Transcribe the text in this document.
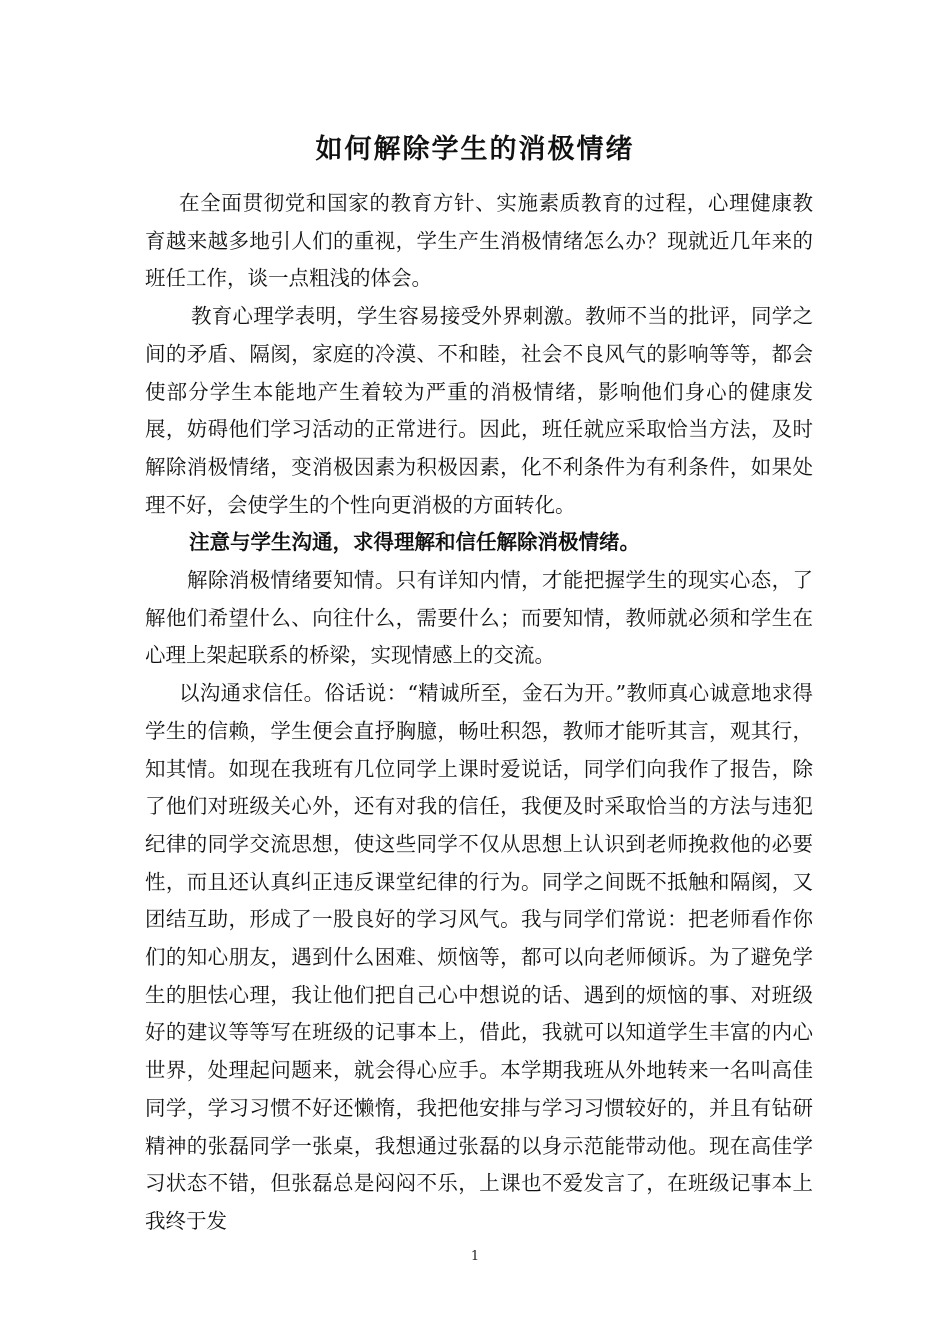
如何解除学生的消极情绪

在全面贯彻党和国家的教育方针、实施素质教育的过程，心理健康教育越来越多地引人们的重视，学生产生消极情绪怎么办？现就近几年来的班任工作，谈一点粗浅的体会。

教育心理学表明，学生容易接受外界刺激。教师不当的批评，同学之间的矛盾、隔阂，家庭的冷漠、不和睦，社会不良风气的影响等等，都会使部分学生本能地产生着较为严重的消极情绪，影响他们身心的健康发展，妨碍他们学习活动的正常进行。因此，班任就应采取恰当方法，及时解除消极情绪，变消极因素为积极因素，化不利条件为有利条件，如果处理不好，会使学生的个性向更消极的方面转化。

注意与学生沟通，求得理解和信任解除消极情绪。

解除消极情绪要知情。只有详知内情，才能把握学生的现实心态，了解他们希望什么、向往什么，需要什么；而要知情，教师就必须和学生在心理上架起联系的桥梁，实现情感上的交流。

以沟通求信任。俗话说：“精诚所至，金石为开。”教师真心诚意地求得学生的信赖，学生便会直抒胸臆，畅吐积怨，教师才能听其言，观其行，知其情。如现在我班有几位同学上课时爱说话，同学们向我作了报告，除了他们对班级关心外，还有对我的信任，我便及时采取恰当的方法与违犯纪律的同学交流思想，使这些同学不仅从思想上认识到老师挽救他的必要性，而且还认真纠正违反课堂纪律的行为。同学之间既不抵触和隔阂，又团结互助，形成了一股良好的学习风气。我与同学们常说：把老师看作你们的知心朋友，遇到什么困难、烦恼等，都可以向老师倾诉。为了避免学生的胆怯心理，我让他们把自己心中想说的话、遇到的烦恼的事、对班级好的建议等等写在班级的记事本上，借此，我就可以知道学生丰富的内心世界，处理起问题来，就会得心应手。本学期我班从外地转来一名叫高佳同学，学习习惯不好还懒惰，我把他安排与学习习惯较好的，并且有钻研精神的张磊同学一张桌，我想通过张磊的以身示范能带动他。现在高佳学习状态不错，但张磊总是闷闷不乐，上课也不爱发言了，在班级记事本上我终于发

1
